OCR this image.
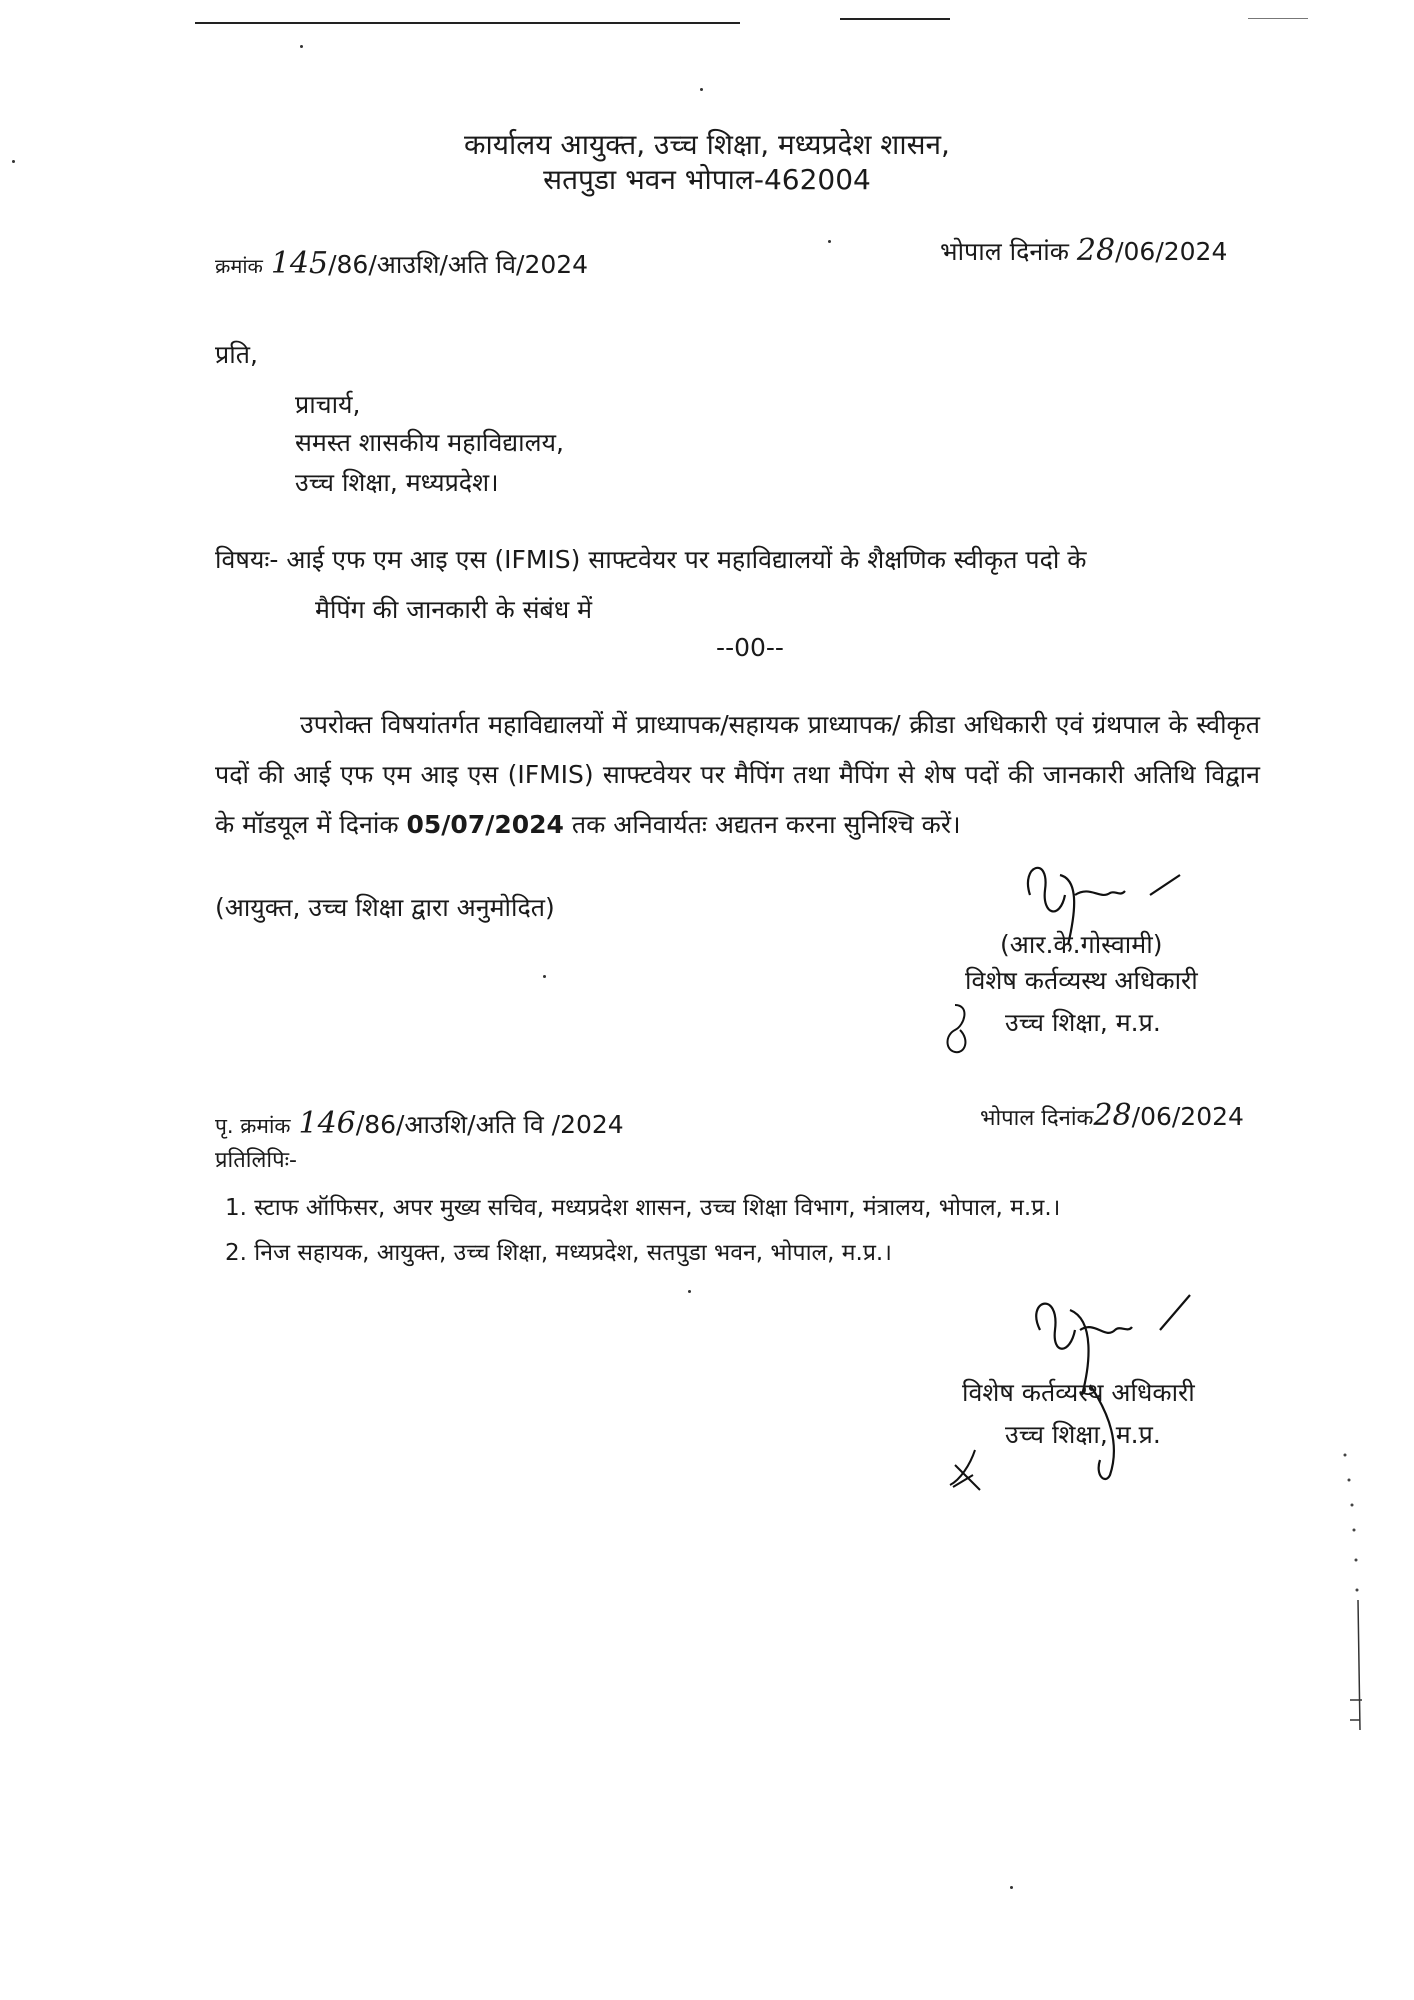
कार्यालय आयुक्त, उच्च शिक्षा, मध्यप्रदेश शासन,
सतपुडा भवन भोपाल-462004
क्रमांक 145/86/आउशि/अति वि/2024	भोपाल दिनांक 28/06/2024
प्रति,
प्राचार्य,
समस्त शासकीय महाविद्यालय,
उच्च शिक्षा, मध्यप्रदेश।
विषयः- आई एफ एम आइ एस (IFMIS) साफ्टवेयर पर महाविद्यालयों के शैक्षणिक स्वीकृत पदो के
मैपिंग की जानकारी के संबंध में
--00--
उपरोक्त विषयांतर्गत महाविद्यालयों में प्राध्यापक/सहायक प्राध्यापक/ क्रीडा अधिकारी एवं ग्रंथपाल के स्वीकृत पदों की आई एफ एम आइ एस (IFMIS) साफ्टवेयर पर मैपिंग तथा मैपिंग से शेष पदों की जानकारी अतिथि विद्वान के मॉडयूल में दिनांक 05/07/2024 तक अनिवार्यतः अद्यतन करना सुनिश्चि करें।
(आयुक्त, उच्च शिक्षा द्वारा अनुमोदित)
(आर.के.गोस्वामी)
विशेष कर्तव्यस्थ अधिकारी
उच्च शिक्षा, म.प्र.
पृ. क्रमांक 146/86/आउशि/अति वि /2024	भोपाल दिनांक28/06/2024
प्रतिलिपिः-
1. स्टाफ ऑफिसर, अपर मुख्य सचिव, मध्यप्रदेश शासन, उच्च शिक्षा विभाग, मंत्रालय, भोपाल, म.प्र.।
2. निज सहायक, आयुक्त, उच्च शिक्षा, मध्यप्रदेश, सतपुडा भवन, भोपाल, म.प्र.।
विशेष कर्तव्यस्थ अधिकारी
उच्च शिक्षा, म.प्र.
